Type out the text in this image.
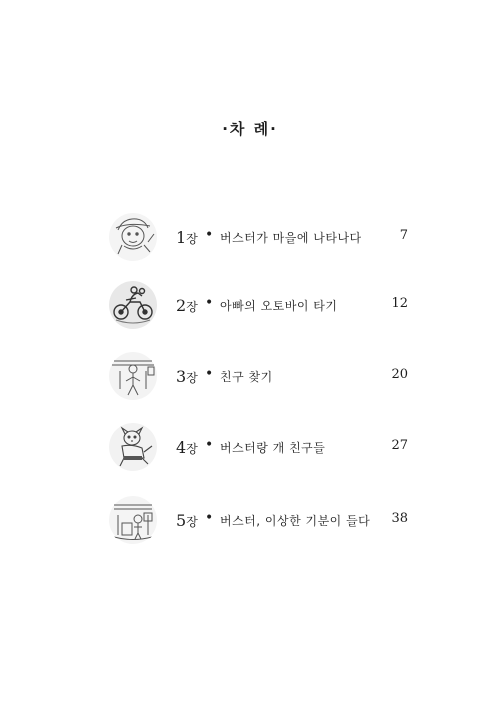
·차 례·
1장 • 버스터가 마을에 나타나다	7
2장 • 아빠의 오토바이 타기	12
3장 • 친구 찾기	20
4장 • 버스터랑 개 친구들	27
5장 • 버스터, 이상한 기분이 들다 38
